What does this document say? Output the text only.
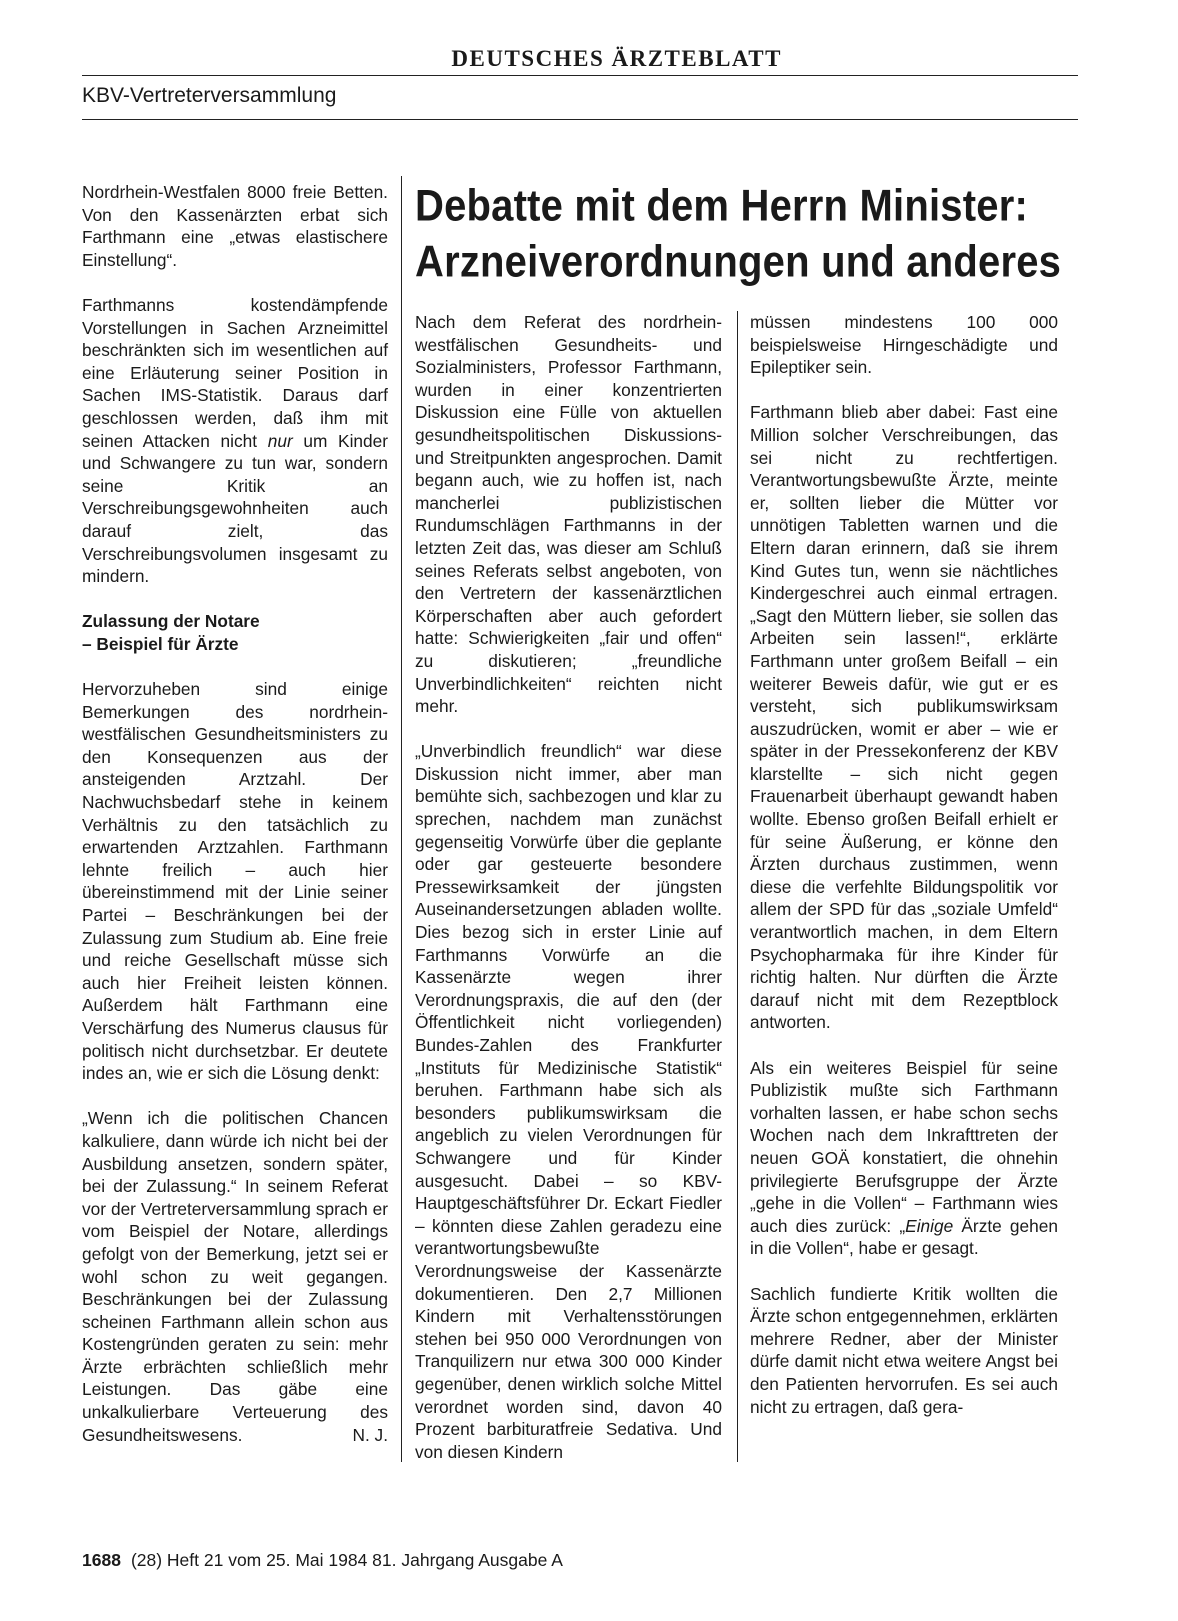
DEUTSCHES ÄRZTEBLATT
KBV-Vertreterversammlung

Nordrhein-Westfalen 8000 freie Betten. Von den Kassenärzten erbat sich Farthmann eine „etwas elastischere Einstellung“.

Farthmanns kostendämpfende Vorstellungen in Sachen Arzneimittel beschränkten sich im wesentlichen auf eine Erläuterung seiner Position in Sachen IMS-Statistik. Daraus darf geschlossen werden, daß ihm mit seinen Attacken nicht nur um Kinder und Schwangere zu tun war, sondern seine Kritik an Verschreibungsgewohnheiten auch darauf zielt, das Verschreibungsvolumen insgesamt zu mindern.

Zulassung der Notare
– Beispiel für Ärzte

Hervorzuheben sind einige Bemerkungen des nordrhein-westfälischen Gesundheitsministers zu den Konsequenzen aus der ansteigenden Arztzahl. Der Nachwuchsbedarf stehe in keinem Verhältnis zu den tatsächlich zu erwartenden Arztzahlen. Farthmann lehnte freilich – auch hier übereinstimmend mit der Linie seiner Partei – Beschränkungen bei der Zulassung zum Studium ab. Eine freie und reiche Gesellschaft müsse sich auch hier Freiheit leisten können. Außerdem hält Farthmann eine Verschärfung des Numerus clausus für politisch nicht durchsetzbar. Er deutete indes an, wie er sich die Lösung denkt:

„Wenn ich die politischen Chancen kalkuliere, dann würde ich nicht bei der Ausbildung ansetzen, sondern später, bei der Zulassung.“ In seinem Referat vor der Vertreterversammlung sprach er vom Beispiel der Notare, allerdings gefolgt von der Bemerkung, jetzt sei er wohl schon zu weit gegangen. Beschränkungen bei der Zulassung scheinen Farthmann allein schon aus Kostengründen geraten zu sein: mehr Ärzte erbrächten schließlich mehr Leistungen. Das gäbe eine unkalkulierbare Verteuerung des Gesundheitswesens.	N. J.

Debatte mit dem Herrn Minister:
Arzneiverordnungen und anderes

Nach dem Referat des nordrhein-westfälischen Gesundheits- und Sozialministers, Professor Farthmann, wurden in einer konzentrierten Diskussion eine Fülle von aktuellen gesundheitspolitischen Diskussions- und Streitpunkten angesprochen. Damit begann auch, wie zu hoffen ist, nach mancherlei publizistischen Rundumschlägen Farthmanns in der letzten Zeit das, was dieser am Schluß seines Referats selbst angeboten, von den Vertretern der kassenärztlichen Körperschaften aber auch gefordert hatte: Schwierigkeiten „fair und offen“ zu diskutieren; „freundliche Unverbindlichkeiten“ reichten nicht mehr.

„Unverbindlich freundlich“ war diese Diskussion nicht immer, aber man bemühte sich, sachbezogen und klar zu sprechen, nachdem man zunächst gegenseitig Vorwürfe über die geplante oder gar gesteuerte besondere Pressewirksamkeit der jüngsten Auseinandersetzungen abladen wollte. Dies bezog sich in erster Linie auf Farthmanns Vorwürfe an die Kassenärzte wegen ihrer Verordnungspraxis, die auf den (der Öffentlichkeit nicht vorliegenden) Bundes-Zahlen des Frankfurter „Instituts für Medizinische Statistik“ beruhen. Farthmann habe sich als besonders publikumswirksam die angeblich zu vielen Verordnungen für Schwangere und für Kinder ausgesucht. Dabei – so KBV-Hauptgeschäftsführer Dr. Eckart Fiedler – könnten diese Zahlen geradezu eine verantwortungsbewußte Verordnungsweise der Kassenärzte dokumentieren. Den 2,7 Millionen Kindern mit Verhaltensstörungen stehen bei 950 000 Verordnungen von Tranquilizern nur etwa 300 000 Kinder gegenüber, denen wirklich solche Mittel verordnet worden sind, davon 40 Prozent barbituratfreie Sedativa. Und von diesen Kindern

müssen mindestens 100 000 beispielsweise Hirngeschädigte und Epileptiker sein.

Farthmann blieb aber dabei: Fast eine Million solcher Verschreibungen, das sei nicht zu rechtfertigen. Verantwortungsbewußte Ärzte, meinte er, sollten lieber die Mütter vor unnötigen Tabletten warnen und die Eltern daran erinnern, daß sie ihrem Kind Gutes tun, wenn sie nächtliches Kindergeschrei auch einmal ertragen. „Sagt den Müttern lieber, sie sollen das Arbeiten sein lassen!“, erklärte Farthmann unter großem Beifall – ein weiterer Beweis dafür, wie gut er es versteht, sich publikumswirksam auszudrücken, womit er aber – wie er später in der Pressekonferenz der KBV klarstellte – sich nicht gegen Frauenarbeit überhaupt gewandt haben wollte. Ebenso großen Beifall erhielt er für seine Äußerung, er könne den Ärzten durchaus zustimmen, wenn diese die verfehlte Bildungspolitik vor allem der SPD für das „soziale Umfeld“ verantwortlich machen, in dem Eltern Psychopharmaka für ihre Kinder für richtig halten. Nur dürften die Ärzte darauf nicht mit dem Rezeptblock antworten.

Als ein weiteres Beispiel für seine Publizistik mußte sich Farthmann vorhalten lassen, er habe schon sechs Wochen nach dem Inkrafttreten der neuen GOÄ konstatiert, die ohnehin privilegierte Berufsgruppe der Ärzte „gehe in die Vollen“ – Farthmann wies auch dies zurück: „Einige Ärzte gehen in die Vollen“, habe er gesagt.

Sachlich fundierte Kritik wollten die Ärzte schon entgegennehmen, erklärten mehrere Redner, aber der Minister dürfe damit nicht etwa weitere Angst bei den Patienten hervorrufen. Es sei auch nicht zu ertragen, daß gera-

1688 (28) Heft 21 vom 25. Mai 1984 81. Jahrgang Ausgabe A
